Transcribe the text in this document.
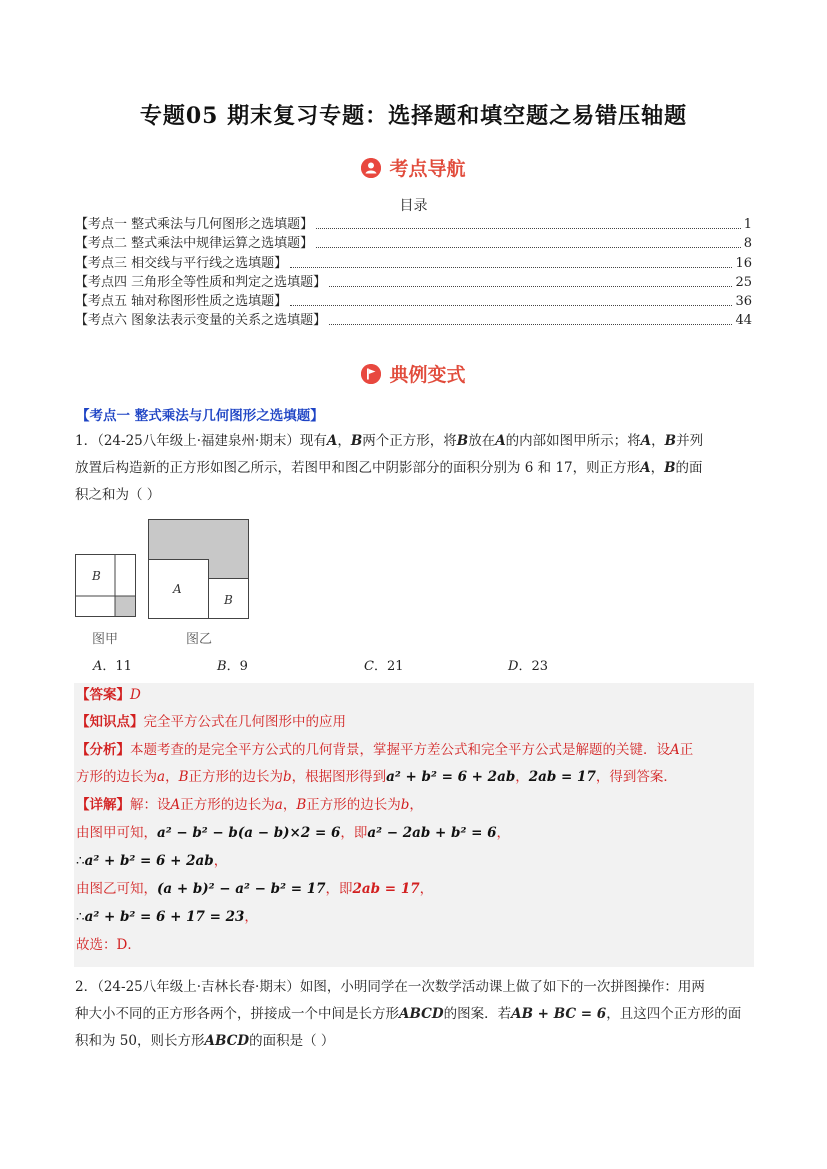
专题05 期末复习专题：选择题和填空题之易错压轴题
考点导航
目录
【考点一 整式乘法与几何图形之选填题】	1
【考点二 整式乘法中规律运算之选填题】	8
【考点三 相交线与平行线之选填题】	16
【考点四 三角形全等性质和判定之选填题】	25
【考点五 轴对称图形性质之选填题】	36
【考点六 图象法表示变量的关系之选填题】	44
典例变式
【考点一 整式乘法与几何图形之选填题】
1．（24-25八年级上·福建泉州·期末）现有A，B两个正方形，将B放在A的内部如图甲所示；将A，B并列
放置后构造新的正方形如图乙所示，若图甲和图乙中阴影部分的面积分别为 6 和 17，则正方形A，B的面
积之和为（ ）
B
A
B
图甲	图乙
A．11	B．9	C．21	D．23
【答案】D
【知识点】完全平方公式在几何图形中的应用
【分析】本题考查的是完全平方公式的几何背景，掌握平方差公式和完全平方公式是解题的关键．设A正
方形的边长为a，B正方形的边长为b，根据图形得到a² + b² = 6 + 2ab，2ab = 17，得到答案．
【详解】解：设A正方形的边长为a，B正方形的边长为b，
由图甲可知，a² − b² − b(a − b)×2 = 6，即a² − 2ab + b² = 6，
∴a² + b² = 6 + 2ab，
由图乙可知，(a + b)² − a² − b² = 17，即2ab = 17，
∴a² + b² = 6 + 17 = 23，
故选：D．
2．（24-25八年级上·吉林长春·期末）如图，小明同学在一次数学活动课上做了如下的一次拼图操作：用两
种大小不同的正方形各两个，拼接成一个中间是长方形ABCD的图案．若AB + BC = 6，且这四个正方形的面
积和为 50，则长方形ABCD的面积是（ ）
